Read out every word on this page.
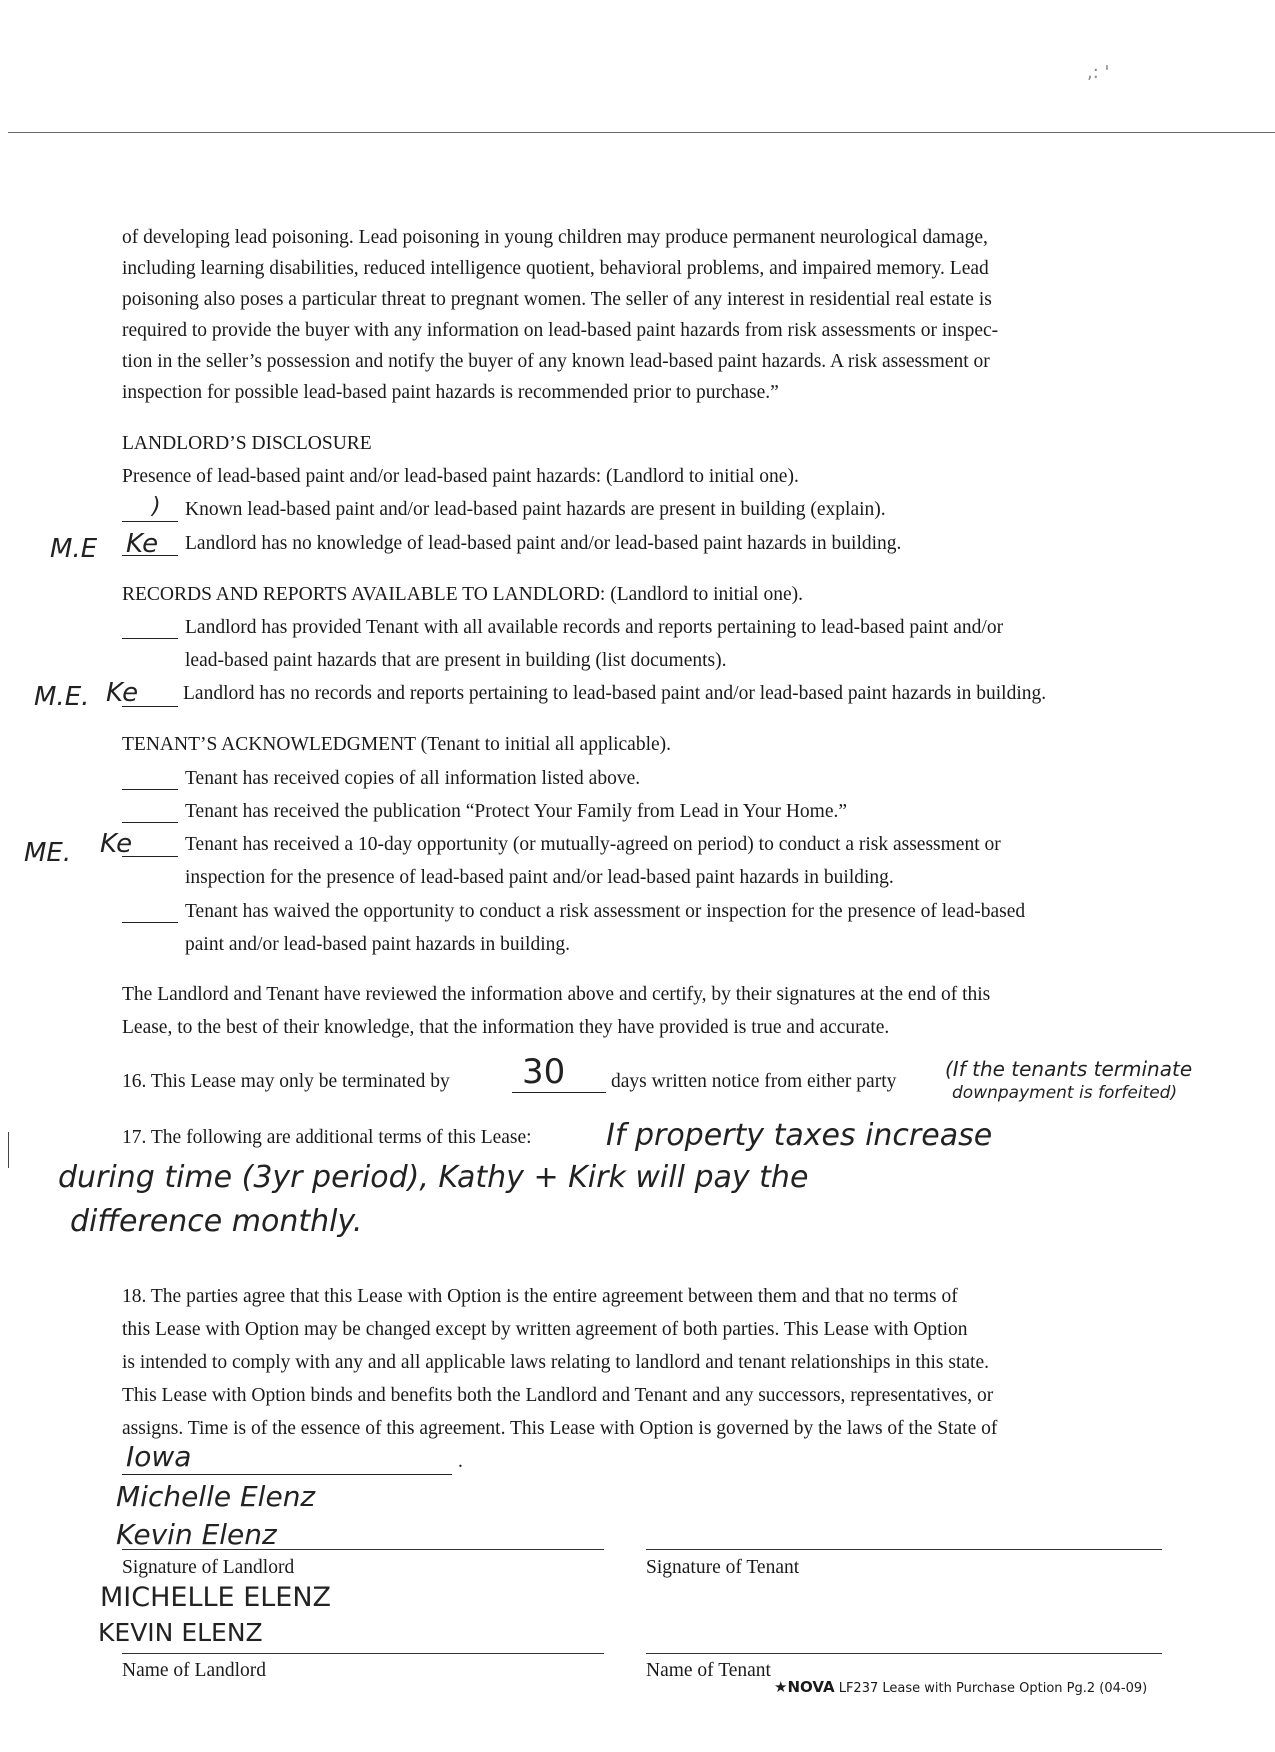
,: '
of developing lead poisoning. Lead poisoning in young children may produce permanent neurological damage,
including learning disabilities, reduced intelligence quotient, behavioral problems, and impaired memory. Lead
poisoning also poses a particular threat to pregnant women. The seller of any interest in residential real estate is
required to provide the buyer with any information on lead-based paint hazards from risk assessments or inspec-
tion in the seller’s possession and notify the buyer of any known lead-based paint hazards. A risk assessment or
inspection for possible lead-based paint hazards is recommended prior to purchase.”
LANDLORD’S DISCLOSURE
Presence of lead-based paint and/or lead-based paint hazards: (Landlord to initial one).
) Known lead-based paint and/or lead-based paint hazards are present in building (explain).
M.E Ke Landlord has no knowledge of lead-based paint and/or lead-based paint hazards in building.
RECORDS AND REPORTS AVAILABLE TO LANDLORD: (Landlord to initial one).
Landlord has provided Tenant with all available records and reports pertaining to lead-based paint and/or
lead-based paint hazards that are present in building (list documents).
M.E. Ke Landlord has no records and reports pertaining to lead-based paint and/or lead-based paint hazards in building.
TENANT’S ACKNOWLEDGMENT (Tenant to initial all applicable).
Tenant has received copies of all information listed above.
Tenant has received the publication “Protect Your Family from Lead in Your Home.”
ME. Ke	Tenant has received a 10-day opportunity (or mutually-agreed on period) to conduct a risk assessment or
inspection for the presence of lead-based paint and/or lead-based paint hazards in building.
Tenant has waived the opportunity to conduct a risk assessment or inspection for the presence of lead-based
paint and/or lead-based paint hazards in building.
The Landlord and Tenant have reviewed the information above and certify, by their signatures at the end of this
Lease, to the best of their knowledge, that the information they have provided is true and accurate.
16. This Lease may only be terminated by 30 days written notice from either party
(If the tenants terminate
downpayment is forfeited)
17. The following are additional terms of this Lease: If property taxes increase
during time (3yr period), Kathy + Kirk will pay the
difference monthly.
18. The parties agree that this Lease with Option is the entire agreement between them and that no terms of
this Lease with Option may be changed except by written agreement of both parties. This Lease with Option
is intended to comply with any and all applicable laws relating to landlord and tenant relationships in this state.
This Lease with Option binds and benefits both the Landlord and Tenant and any successors, representatives, or
assigns. Time is of the essence of this agreement. This Lease with Option is governed by the laws of the State of
Iowa	.
Michelle Elenz
Kevin Elenz
Signature of Landlord	Signature of Tenant
MICHELLE ELENZ
KEVIN ELENZ
Name of Landlord	Name of Tenant
★NOVA LF237 Lease with Purchase Option Pg.2 (04-09)
